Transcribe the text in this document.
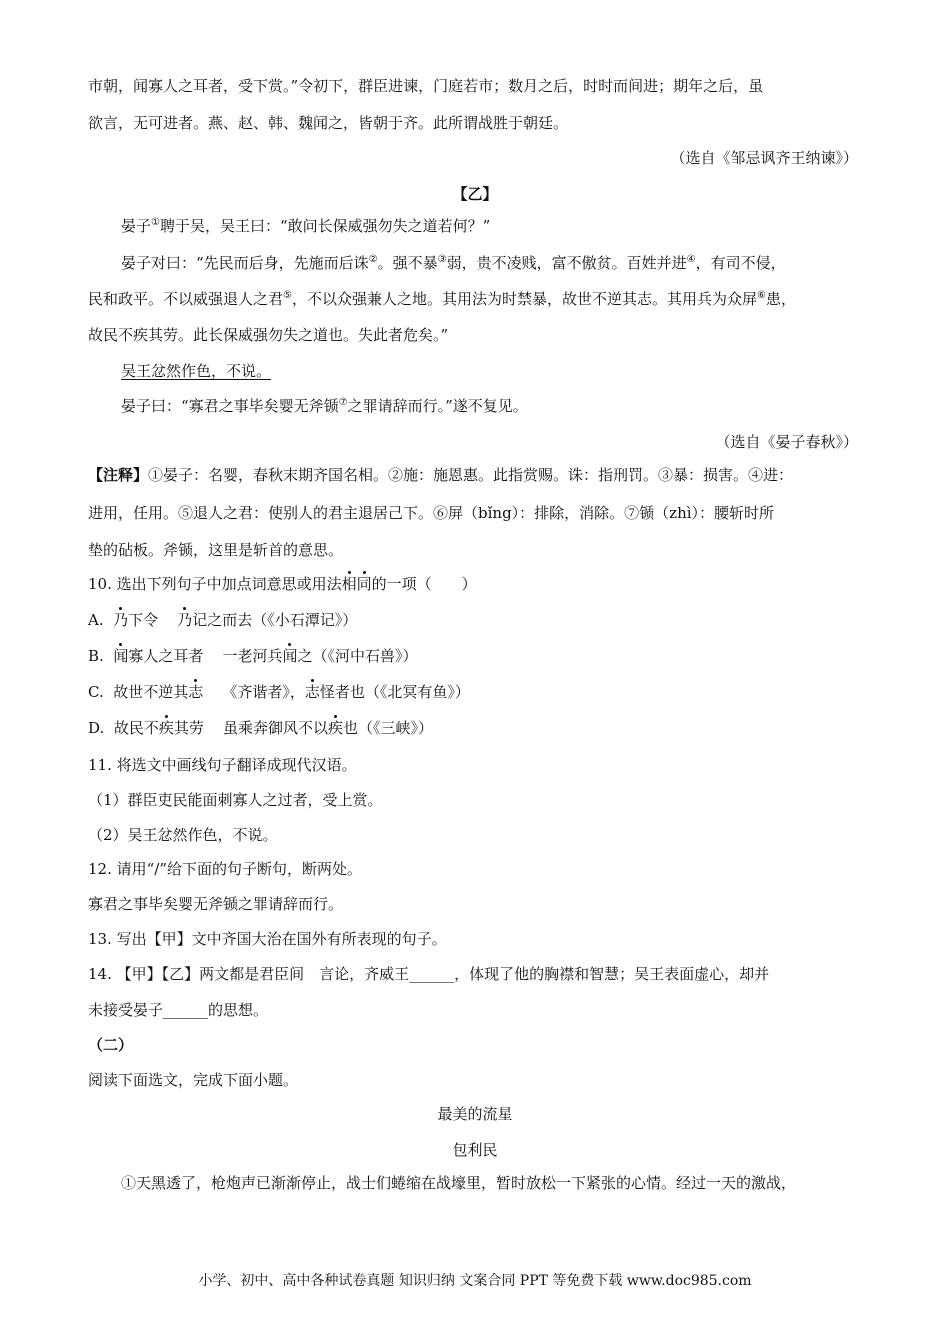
市朝，闻寡人之耳者，受下赏。”令初下，群臣进谏，门庭若市；数月之后，时时而间进；期年之后，虽
欲言，无可进者。燕、赵、韩、魏闻之，皆朝于齐。此所谓战胜于朝廷。
（选自《邹忌讽齐王纳谏》）
【乙】
晏子①聘于吴，吴王曰：“敢问长保威强勿失之道若何？”
晏子对曰：“先民而后身，先施而后诛②。强不暴③弱，贵不凌贱，富不傲贫。百姓并进④，有司不侵，
民和政平。不以威强退人之君⑤，不以众强兼人之地。其用法为时禁暴，故世不逆其志。其用兵为众屏⑥患，
故民不疾其劳。此长保威强勿失之道也。失此者危矣。”
吴王忿然作色，不说。
晏子曰：“寡君之事毕矣婴无斧锧⑦之罪请辞而行。”遂不复见。
（选自《晏子春秋》）
【注释】①晏子：名婴，春秋末期齐国名相。②施：施恩惠。此指赏赐。诛：指刑罚。③暴：损害。④进：
进用，任用。⑤退人之君：使别人的君主退居己下。⑥屏（bǐng）：排除，消除。⑦锧（zhì）：腰斩时所
垫的砧板。斧锧，这里是斩首的意思。
10. 选出下列句子中加点词意思或用法相同的一项（　　）
A. 乃下令 乃记之而去（《小石潭记》）
B. 闻寡人之耳者 一老河兵闻之（《河中石兽》）
C. 故世不逆其志 《齐谐者》，志怪者也（《北冥有鱼》）
D. 故民不疾其劳 虽乘奔御风不以疾也（《三峡》）
11. 将选文中画线句子翻译成现代汉语。
（1）群臣吏民能面刺寡人之过者，受上赏。
（2）吴王忿然作色，不说。
12. 请用“/”给下面的句子断句，断两处。
寡君之事毕矣婴无斧锧之罪请辞而行。
13. 写出【甲】文中齐国大治在国外有所表现的句子。
14. 【甲】【乙】两文都是君臣间　言论，齐威王______，体现了他的胸襟和智慧；吴王表面虚心，却并
未接受晏子______的思想。
（二）
阅读下面选文，完成下面小题。
最美的流星
包利民
①天黑透了，枪炮声已渐渐停止，战士们蜷缩在战壕里，暂时放松一下紧张的心情。经过一天的激战，
小学、初中、高中各种试卷真题 知识归纳 文案合同 PPT 等免费下载 www.doc985.com
